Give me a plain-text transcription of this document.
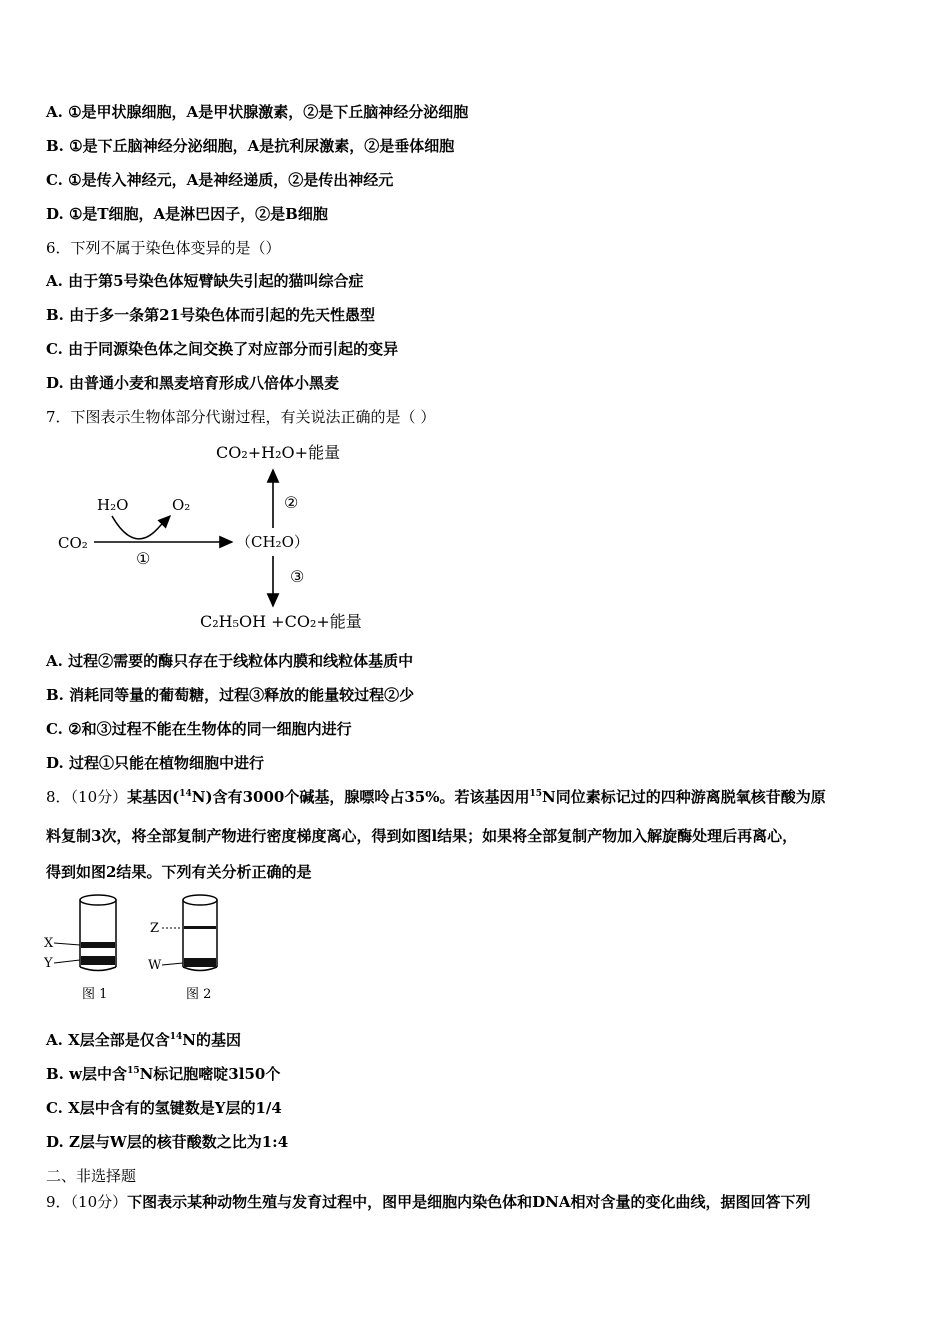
A. ①是甲状腺细胞，A是甲状腺激素，②是下丘脑神经分泌细胞
B. ①是下丘脑神经分泌细胞，A是抗利尿激素，②是垂体细胞
C. ①是传入神经元，A是神经递质，②是传出神经元
D. ①是T细胞，A是淋巴因子，②是B细胞
6．下列不属于染色体变异的是（）
A. 由于第5号染色体短臂缺失引起的猫叫综合症
B. 由于多一条第21号染色体而引起的先天性愚型
C. 由于同源染色体之间交换了对应部分而引起的变异
D. 由普通小麦和黑麦培育形成八倍体小黑麦
7．下图表示生物体部分代谢过程，有关说法正确的是（ ）
CO₂+H₂O+能量
②
H₂O	O₂
CO₂
①
（CH₂O）
③
C₂H₅OH +CO₂+能量
A. 过程②需要的酶只存在于线粒体内膜和线粒体基质中
B. 消耗同等量的葡萄糖，过程③释放的能量较过程②少
C. ②和③过程不能在生物体的同一细胞内进行
D. 过程①只能在植物细胞中进行
8．（10分）某基因($^{14}$N)含有3000个碱基，腺嘌呤占35%。若该基因用$^{15}$N同位素标记过的四种游离脱氧核苷酸为原
料复制3次，将全部复制产物进行密度梯度离心，得到如图l结果；如果将全部复制产物加入解旋酶处理后再离心，
得到如图2结果。下列有关分析正确的是
X
Y
图 1
Z
W
图 2
A. X层全部是仅含$^{14}$N的基因
B. w层中含$^{15}$N标记胞嘧啶3l50个
C. X层中含有的氢键数是Y层的1/4
D. Z层与W层的核苷酸数之比为1:4
二、非选择题
9．（10分）下图表示某种动物生殖与发育过程中，图甲是细胞内染色体和DNA相对含量的变化曲线，据图回答下列
